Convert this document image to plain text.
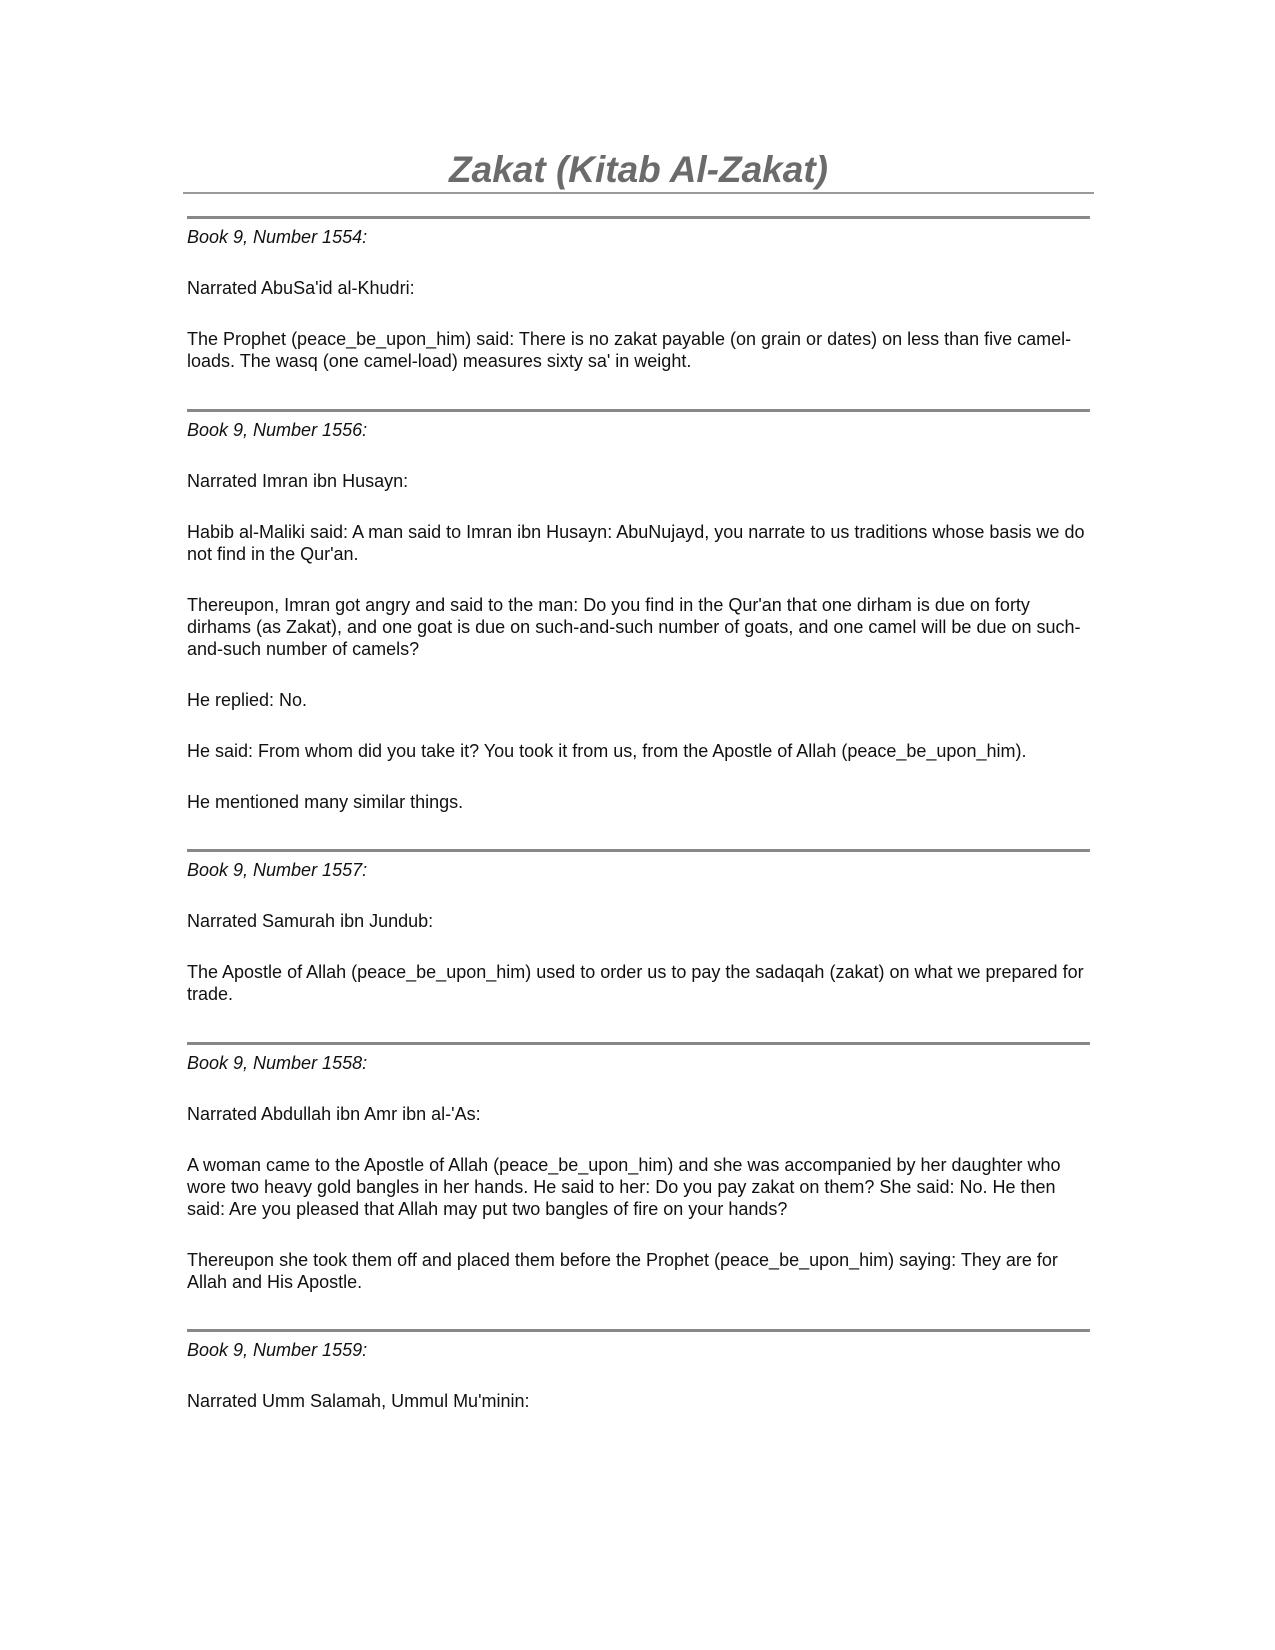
Zakat (Kitab Al-Zakat)

Book 9, Number 1554:

Narrated AbuSa'id al-Khudri:

The Prophet (peace_be_upon_him) said: There is no zakat payable (on grain or dates) on less than five camel-loads. The wasq (one camel-load) measures sixty sa' in weight.

Book 9, Number 1556:

Narrated Imran ibn Husayn:

Habib al-Maliki said: A man said to Imran ibn Husayn: AbuNujayd, you narrate to us traditions whose basis we do not find in the Qur'an.

Thereupon, Imran got angry and said to the man: Do you find in the Qur'an that one dirham is due on forty dirhams (as Zakat), and one goat is due on such-and-such number of goats, and one camel will be due on such-and-such number of camels?

He replied: No.

He said: From whom did you take it? You took it from us, from the Apostle of Allah (peace_be_upon_him).

He mentioned many similar things.

Book 9, Number 1557:

Narrated Samurah ibn Jundub:

The Apostle of Allah (peace_be_upon_him) used to order us to pay the sadaqah (zakat) on what we prepared for trade.

Book 9, Number 1558:

Narrated Abdullah ibn Amr ibn al-'As:

A woman came to the Apostle of Allah (peace_be_upon_him) and she was accompanied by her daughter who wore two heavy gold bangles in her hands. He said to her: Do you pay zakat on them? She said: No. He then said: Are you pleased that Allah may put two bangles of fire on your hands?

Thereupon she took them off and placed them before the Prophet (peace_be_upon_him) saying: They are for Allah and His Apostle.

Book 9, Number 1559:

Narrated Umm Salamah, Ummul Mu'minin:
